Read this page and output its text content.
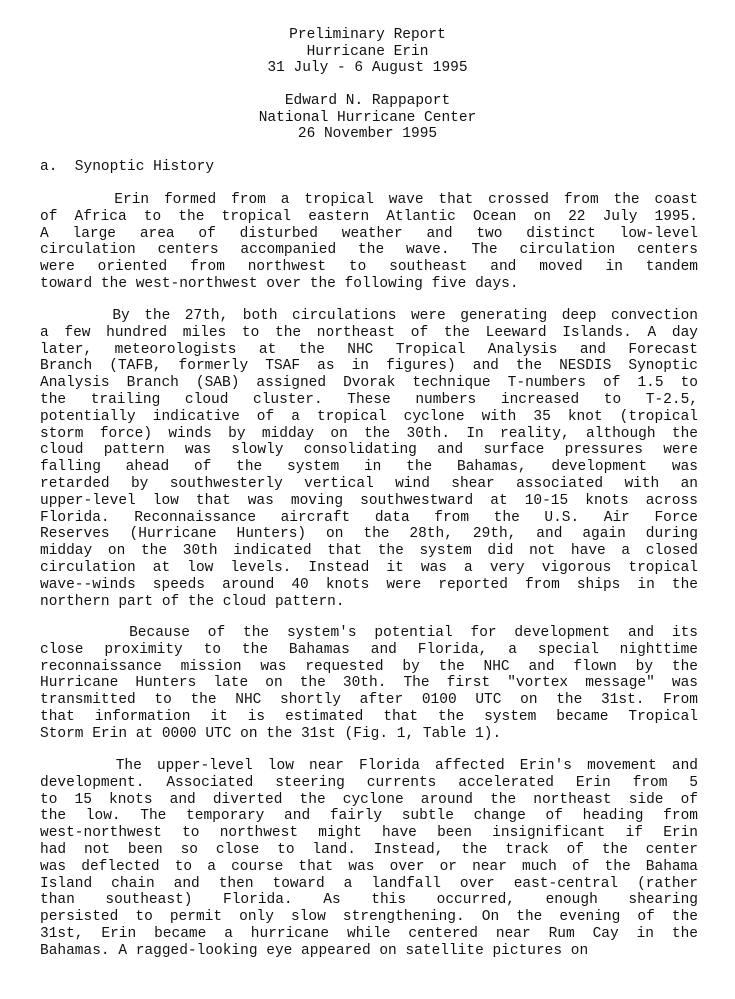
Preliminary Report
Hurricane Erin
31 July - 6 August 1995
Edward N. Rappaport
National Hurricane Center
26 November 1995
a.  Synoptic History
Erin formed from a tropical wave that crossed from the coast
of Africa to the tropical eastern Atlantic Ocean on 22 July 1995.
A large area of disturbed weather and two distinct low-level
circulation centers accompanied the wave. The circulation centers
were oriented from northwest to southeast and moved in tandem
toward the west-northwest over the following five days.
By the 27th, both circulations were generating deep convection
a few hundred miles to the northeast of the Leeward Islands. A day
later, meteorologists at the NHC Tropical Analysis and Forecast
Branch (TAFB, formerly TSAF as in figures) and the NESDIS Synoptic
Analysis Branch (SAB) assigned Dvorak technique T-numbers of 1.5 to
the trailing cloud cluster. These numbers increased to T-2.5,
potentially indicative of a tropical cyclone with 35 knot (tropical
storm force) winds by midday on the 30th. In reality, although the
cloud pattern was slowly consolidating and surface pressures were
falling ahead of the system in the Bahamas, development was
retarded by southwesterly vertical wind shear associated with an
upper-level low that was moving southwestward at 10-15 knots across
Florida. Reconnaissance aircraft data from the U.S. Air Force
Reserves (Hurricane Hunters) on the 28th, 29th, and again during
midday on the 30th indicated that the system did not have a closed
circulation at low levels. Instead it was a very vigorous tropical
wave--winds speeds around 40 knots were reported from ships in the
northern part of the cloud pattern.
Because of the system's potential for development and its
close proximity to the Bahamas and Florida, a special nighttime
reconnaissance mission was requested by the NHC and flown by the
Hurricane Hunters late on the 30th. The first "vortex message" was
transmitted to the NHC shortly after 0100 UTC on the 31st. From
that information it is estimated that the system became Tropical
Storm Erin at 0000 UTC on the 31st (Fig. 1, Table 1).
The upper-level low near Florida affected Erin's movement and
development. Associated steering currents accelerated Erin from 5
to 15 knots and diverted the cyclone around the northeast side of
the low. The temporary and fairly subtle change of heading from
west-northwest to northwest might have been insignificant if Erin
had not been so close to land. Instead, the track of the center
was deflected to a course that was over or near much of the Bahama
Island chain and then toward a landfall over east-central (rather
than southeast) Florida. As this occurred, enough shearing
persisted to permit only slow strengthening. On the evening of the
31st, Erin became a hurricane while centered near Rum Cay in the
Bahamas. A ragged-looking eye appeared on satellite pictures on
